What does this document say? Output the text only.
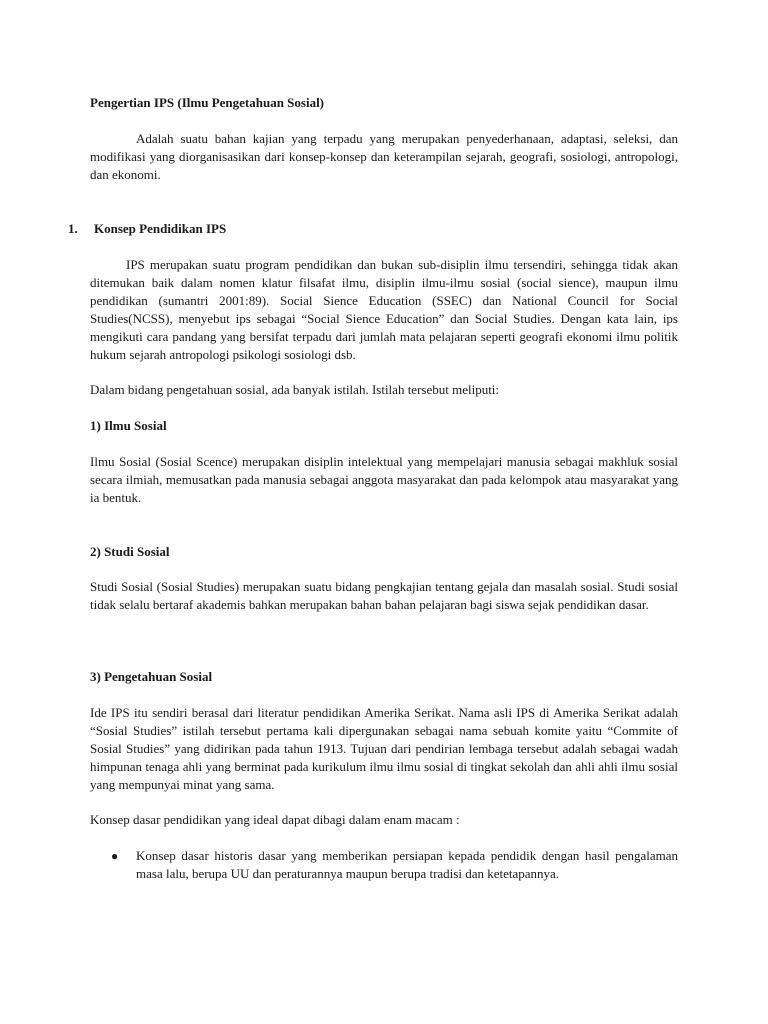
Pengertian IPS (Ilmu Pengetahuan Sosial)

Adalah suatu bahan kajian yang terpadu yang merupakan penyederhanaan, adaptasi, seleksi, dan modifikasi yang diorganisasikan dari konsep-konsep dan keterampilan sejarah, geografi, sosiologi, antropologi, dan ekonomi.

1. Konsep Pendidikan IPS

IPS merupakan suatu program pendidikan dan bukan sub-disiplin ilmu tersendiri, sehingga tidak akan ditemukan baik dalam nomen klatur filsafat ilmu, disiplin ilmu-ilmu sosial (social sience), maupun ilmu pendidikan (sumantri 2001:89). Social Sience Education (SSEC) dan National Council for Social Studies(NCSS), menyebut ips sebagai “Social Sience Education” dan Social Studies. Dengan kata lain, ips mengikuti cara pandang yang bersifat terpadu dari jumlah mata pelajaran seperti geografi ekonomi ilmu politik hukum sejarah antropologi psikologi sosiologi dsb.

Dalam bidang pengetahuan sosial, ada banyak istilah. Istilah tersebut meliputi:

1) Ilmu Sosial

Ilmu Sosial (Sosial Scence) merupakan disiplin intelektual yang mempelajari manusia sebagai makhluk sosial secara ilmiah, memusatkan pada manusia sebagai anggota masyarakat dan pada kelompok atau masyarakat yang ia bentuk.

2) Studi Sosial

Studi Sosial (Sosial Studies) merupakan suatu bidang pengkajian tentang gejala dan masalah sosial. Studi sosial tidak selalu bertaraf akademis bahkan merupakan bahan bahan pelajaran bagi siswa sejak pendidikan dasar.

3) Pengetahuan Sosial

Ide IPS itu sendiri berasal dari literatur pendidikan Amerika Serikat. Nama asli IPS di Amerika Serikat adalah “Sosial Studies” istilah tersebut pertama kali dipergunakan sebagai nama sebuah komite yaitu “Commite of Sosial Studies” yang didirikan pada tahun 1913. Tujuan dari pendirian lembaga tersebut adalah sebagai wadah himpunan tenaga ahli yang berminat pada kurikulum ilmu ilmu sosial di tingkat sekolah dan ahli ahli ilmu sosial yang mempunyai minat yang sama.

Konsep dasar pendidikan yang ideal dapat dibagi dalam enam macam :

● Konsep dasar historis dasar yang memberikan persiapan kepada pendidik dengan hasil pengalaman masa lalu, berupa UU dan peraturannya maupun berupa tradisi dan ketetapannya.
